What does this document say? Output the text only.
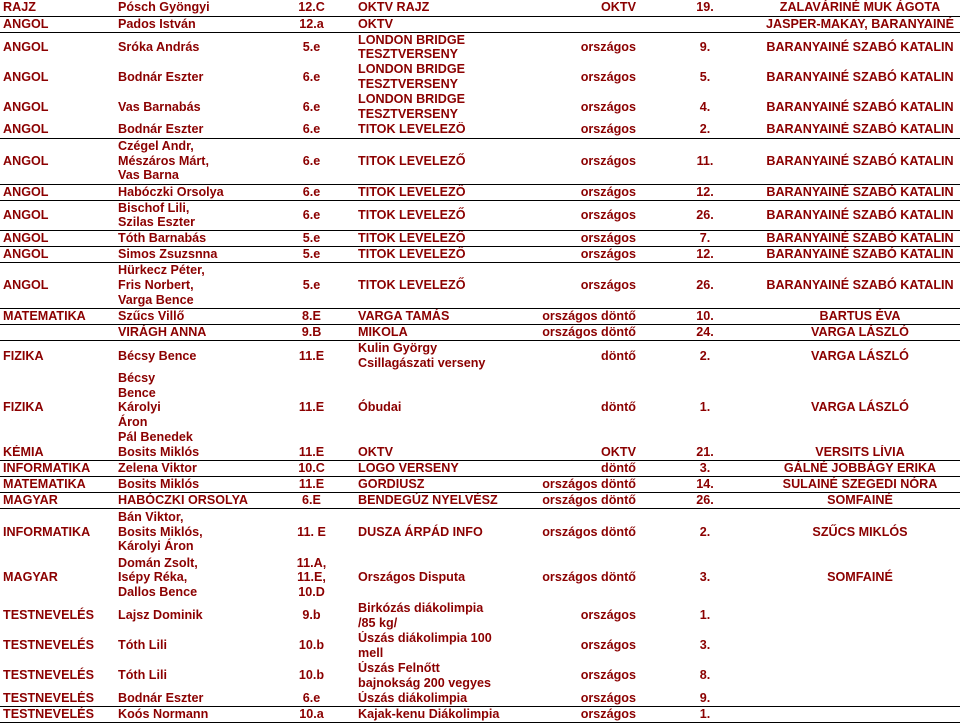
RAJZ	Pósch Gyöngyi	12.C	OKTV RAJZ	OKTV	19.	ZALAVÁRINÉ MUK ÁGOTA
ANGOL	Pados István	12.a	OKTV			JASPER-MAKAY, BARANYAINÉ
ANGOL	Sróka András	5.e	LONDON BRIDGE TESZTVERSENY	országos	9.	BARANYAINÉ SZABÓ KATALIN
ANGOL	Bodnár Eszter	6.e	LONDON BRIDGE TESZTVERSENY	országos	5.	BARANYAINÉ SZABÓ KATALIN
ANGOL	Vas Barnabás	6.e	LONDON BRIDGE TESZTVERSENY	országos	4.	BARANYAINÉ SZABÓ KATALIN
ANGOL	Bodnár Eszter	6.e	TITOK LEVELEZŐ	országos	2.	BARANYAINÉ SZABÓ KATALIN
ANGOL	Czégel Andr,
Mészáros Márt,
Vas Barna	6.e	TITOK LEVELEZŐ	országos	11.	BARANYAINÉ SZABÓ KATALIN
ANGOL	Habóczki Orsolya	6.e	TITOK LEVELEZŐ	országos	12.	BARANYAINÉ SZABÓ KATALIN
ANGOL	Bischof Lili,
Szilas Eszter	6.e	TITOK LEVELEZŐ	országos	26.	BARANYAINÉ SZABÓ KATALIN
ANGOL	Tóth Barnabás	5.e	TITOK LEVELEZŐ	országos	7.	BARANYAINÉ SZABÓ KATALIN
ANGOL	Simos Zsuzsnna	5.e	TITOK LEVELEZŐ	országos	12.	BARANYAINÉ SZABÓ KATALIN
ANGOL	Hürkecz Péter,
Fris Norbert,
Varga Bence	5.e	TITOK LEVELEZŐ	országos	26.	BARANYAINÉ SZABÓ KATALIN
MATEMATIKA	Szűcs Villő	8.E	VARGA TAMÁS	országos döntő	10.	BARTUS ÉVA
	VIRÁGH ANNA	9.B	MIKOLA	országos döntő	24.	VARGA LÁSZLÓ
FIZIKA	Bécsy Bence	11.E	Kulin György Csillagászati verseny	döntő	2.	VARGA LÁSZLÓ
FIZIKA	Bécsy
Bence
Károlyi
Áron
Pál Benedek	11.E	Óbudai	döntő	1.	VARGA LÁSZLÓ
KÉMIA	Bosits Miklós	11.E	OKTV	OKTV	21.	VERSITS LÍVIA
INFORMATIKA	Zelena Viktor	10.C	LOGO VERSENY	döntő	3.	GÁLNÉ JOBBÁGY ERIKA
MATEMATIKA	Bosits Miklós	11.E	GORDIUSZ	országos döntő	14.	SULAINÉ SZEGEDI NÓRA
MAGYAR	HABÓCZKI ORSOLYA	6.E	BENDEGÚZ NYELVÉSZ	országos döntő	26.	SOMFAINÉ
INFORMATIKA	Bán Viktor,
Bosits Miklós,
Károlyi Áron	11. E	DUSZA ÁRPÁD INFO	országos döntő	2.	SZŰCS MIKLÓS
MAGYAR	Domán Zsolt,
Isépy Réka,
Dallos Bence	11.A,
11.E,
10.D	Országos Disputa	országos döntő	3.	SOMFAINÉ
TESTNEVELÉS	Lajsz Dominik	9.b	Birkózás diákolimpia /85 kg/	országos	1.	
TESTNEVELÉS	Tóth Lili	10.b	Úszás diákolimpia 100 mell	országos	3.	
TESTNEVELÉS	Tóth Lili	10.b	Úszás Felnőtt bajnokság 200 vegyes	országos	8.	
TESTNEVELÉS	Bodnár Eszter	6.e	Úszás diákolimpia	országos	9.	
TESTNEVELÉS	Koós Normann	10.a	Kajak-kenu Diákolimpia	országos	1.	
